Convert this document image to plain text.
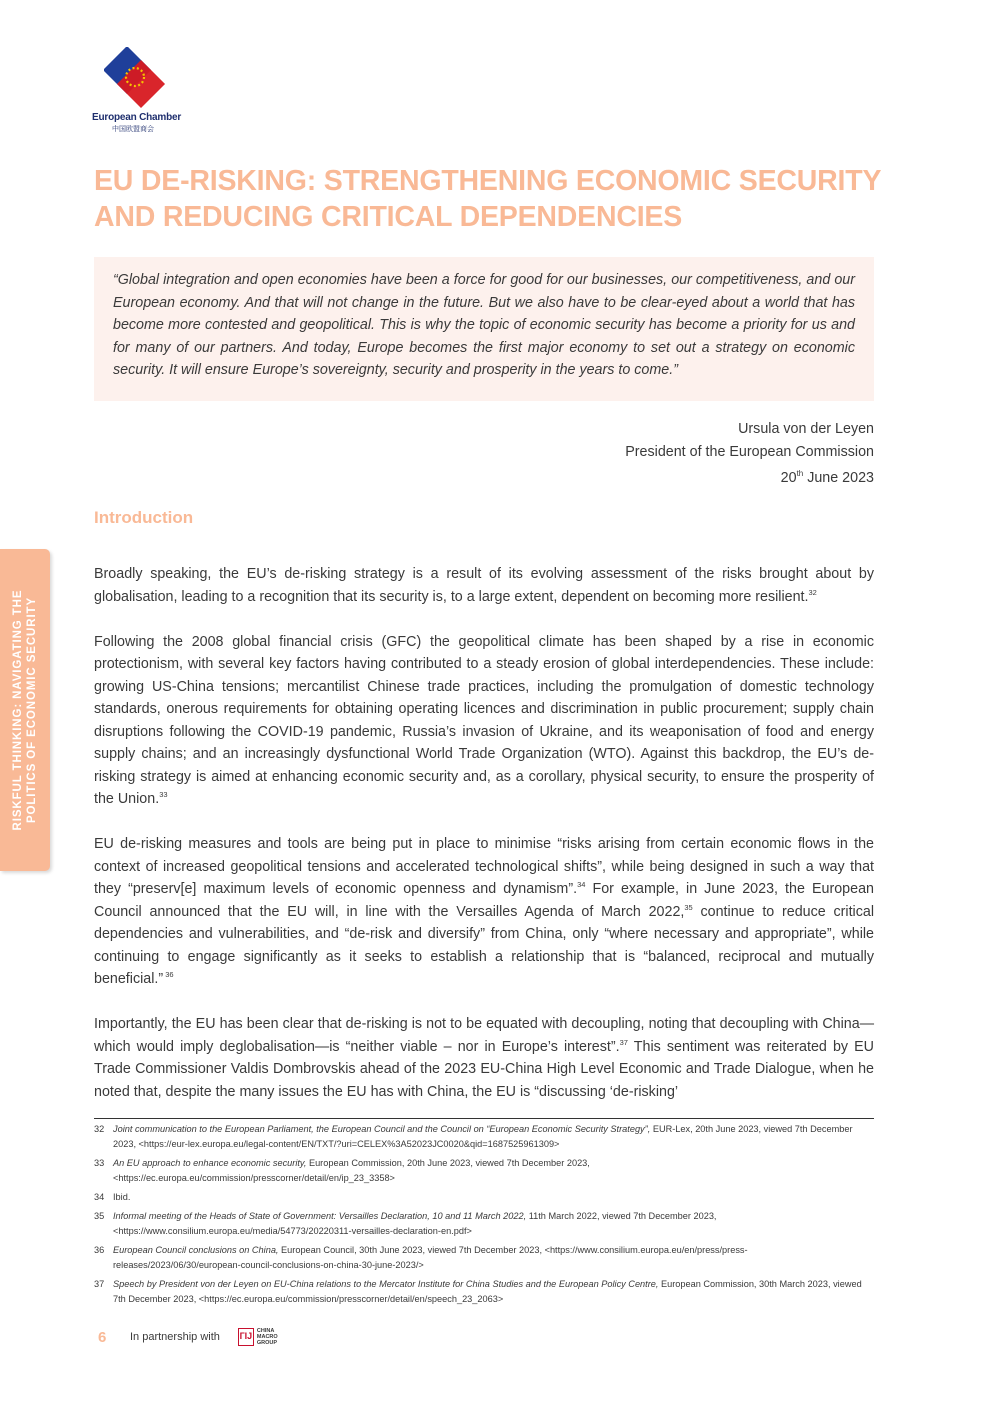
European Chamber
中国欧盟商会
EU DE-RISKING: STRENGTHENING ECONOMIC SECURITY AND REDUCING CRITICAL DEPENDENCIES

“Global integration and open economies have been a force for good for our businesses, our competitiveness, and our European economy. And that will not change in the future. But we also have to be clear-eyed about a world that has become more contested and geopolitical. This is why the topic of economic security has become a priority for us and for many of our partners. And today, Europe becomes the first major economy to set out a strategy on economic security. It will ensure Europe’s sovereignty, security and prosperity in the years to come.”

Ursula von der Leyen
President of the European Commission
20th June 2023
Introduction
RISKFUL THINKING: NAVIGATING THE POLITICS OF ECONOMIC SECURITY

Broadly speaking, the EU’s de-risking strategy is a result of its evolving assessment of the risks brought about by globalisation, leading to a recognition that its security is, to a large extent, dependent on becoming more resilient.$^{32}$

Following the 2008 global financial crisis (GFC) the geopolitical climate has been shaped by a rise in economic protectionism, with several key factors having contributed to a steady erosion of global interdependencies. These include: growing US-China tensions; mercantilist Chinese trade practices, including the promulgation of domestic technology standards, onerous requirements for obtaining operating licences and discrimination in public procurement; supply chain disruptions following the COVID-19 pandemic, Russia’s invasion of Ukraine, and its weaponisation of food and energy supply chains; and an increasingly dysfunctional World Trade Organization (WTO). Against this backdrop, the EU’s de-risking strategy is aimed at enhancing economic security and, as a corollary, physical security, to ensure the prosperity of the Union.$^{33}$

EU de-risking measures and tools are being put in place to minimise “risks arising from certain economic flows in the context of increased geopolitical tensions and accelerated technological shifts”, while being designed in such a way that they “preserv[e] maximum levels of economic openness and dynamism”.$^{34}$ For example, in June 2023, the European Council announced that the EU will, in line with the Versailles Agenda of March 2022,35 continue to reduce critical dependencies and vulnerabilities, and “de-risk and diversify” from China, only “where necessary and appropriate”, while continuing to engage significantly as it seeks to establish a relationship that is “balanced, reciprocal and mutually beneficial.” $^{36}$

Importantly, the EU has been clear that de-risking is not to be equated with decoupling, noting that decoupling with China—which would imply deglobalisation—is “neither viable – nor in Europe’s interest”.$^{37}$ This sentiment was reiterated by EU Trade Commissioner Valdis Dombrovskis ahead of the 2023 EU-China High Level Economic and Trade Dialogue, when he noted that, despite the many issues the EU has with China, the EU is “discussing ‘de-risking’

32 Joint communication to the European Parliament, the European Council and the Council on “European Economic Security Strategy”, EUR-Lex, 20th June 2023, viewed 7th December 2023, <https://eur-lex.europa.eu/legal-content/EN/TXT/?uri=CELEX%3A52023JC0020&qid=1687525961309>
33 An EU approach to enhance economic security, European Commission, 20th June 2023, viewed 7th December 2023, <https://ec.europa.eu/commission/presscorner/detail/en/ip_23_3358>
34 Ibid.
35 Informal meeting of the Heads of State of Government: Versailles Declaration, 10 and 11 March 2022, 11th March 2022, viewed 7th December 2023, <https://www.consilium.europa.eu/media/54773/20220311-versailles-declaration-en.pdf>
36 European Council conclusions on China, European Council, 30th June 2023, viewed 7th December 2023, <https://www.consilium.europa.eu/en/press/press-releases/2023/06/30/european-council-conclusions-on-china-30-june-2023/>
37 Speech by President von der Leyen on EU-China relations to the Mercator Institute for China Studies and the European Policy Centre, European Commission, 30th March 2023, viewed 7th December 2023, <https://ec.europa.eu/commission/presscorner/detail/en/speech_23_2063>
6	In partnership with ГIJ CHINA
MACRO
GROUP
